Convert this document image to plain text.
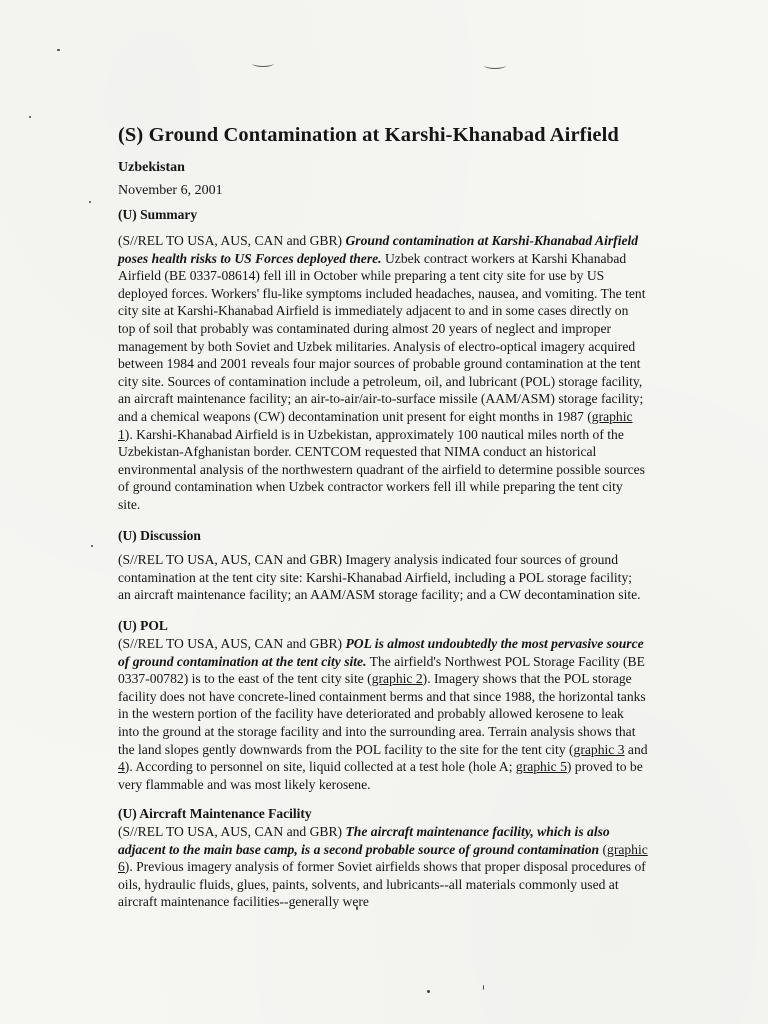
(S) Ground Contamination at Karshi-Khanabad Airfield
Uzbekistan
November 6, 2001
(U) Summary
(S//REL TO USA, AUS, CAN and GBR) Ground contamination at Karshi-Khanabad Airfield poses health risks to US Forces deployed there. Uzbek contract workers at Karshi Khanabad Airfield (BE 0337-08614) fell ill in October while preparing a tent city site for use by US deployed forces. Workers' flu-like symptoms included headaches, nausea, and vomiting. The tent city site at Karshi-Khanabad Airfield is immediately adjacent to and in some cases directly on top of soil that probably was contaminated during almost 20 years of neglect and improper management by both Soviet and Uzbek militaries. Analysis of electro-optical imagery acquired between 1984 and 2001 reveals four major sources of probable ground contamination at the tent city site. Sources of contamination include a petroleum, oil, and lubricant (POL) storage facility, an aircraft maintenance facility; an air-to-air/air-to-surface missile (AAM/ASM) storage facility; and a chemical weapons (CW) decontamination unit present for eight months in 1987 (graphic 1). Karshi-Khanabad Airfield is in Uzbekistan, approximately 100 nautical miles north of the Uzbekistan-Afghanistan border. CENTCOM requested that NIMA conduct an historical environmental analysis of the northwestern quadrant of the airfield to determine possible sources of ground contamination when Uzbek contractor workers fell ill while preparing the tent city site.
(U) Discussion
(S//REL TO USA, AUS, CAN and GBR) Imagery analysis indicated four sources of ground contamination at the tent city site: Karshi-Khanabad Airfield, including a POL storage facility; an aircraft maintenance facility; an AAM/ASM storage facility; and a CW decontamination site.
(U) POL
(S//REL TO USA, AUS, CAN and GBR) POL is almost undoubtedly the most pervasive source of ground contamination at the tent city site. The airfield's Northwest POL Storage Facility (BE 0337-00782) is to the east of the tent city site (graphic 2). Imagery shows that the POL storage facility does not have concrete-lined containment berms and that since 1988, the horizontal tanks in the western portion of the facility have deteriorated and probably allowed kerosene to leak into the ground at the storage facility and into the surrounding area. Terrain analysis shows that the land slopes gently downwards from the POL facility to the site for the tent city (graphic 3 and 4). According to personnel on site, liquid collected at a test hole (hole A; graphic 5) proved to be very flammable and was most likely kerosene.
(U) Aircraft Maintenance Facility
(S//REL TO USA, AUS, CAN and GBR) The aircraft maintenance facility, which is also adjacent to the main base camp, is a second probable source of ground contamination (graphic 6). Previous imagery analysis of former Soviet airfields shows that proper disposal procedures of oils, hydraulic fluids, glues, paints, solvents, and lubricants--all materials commonly used at aircraft maintenance facilities--generally were
